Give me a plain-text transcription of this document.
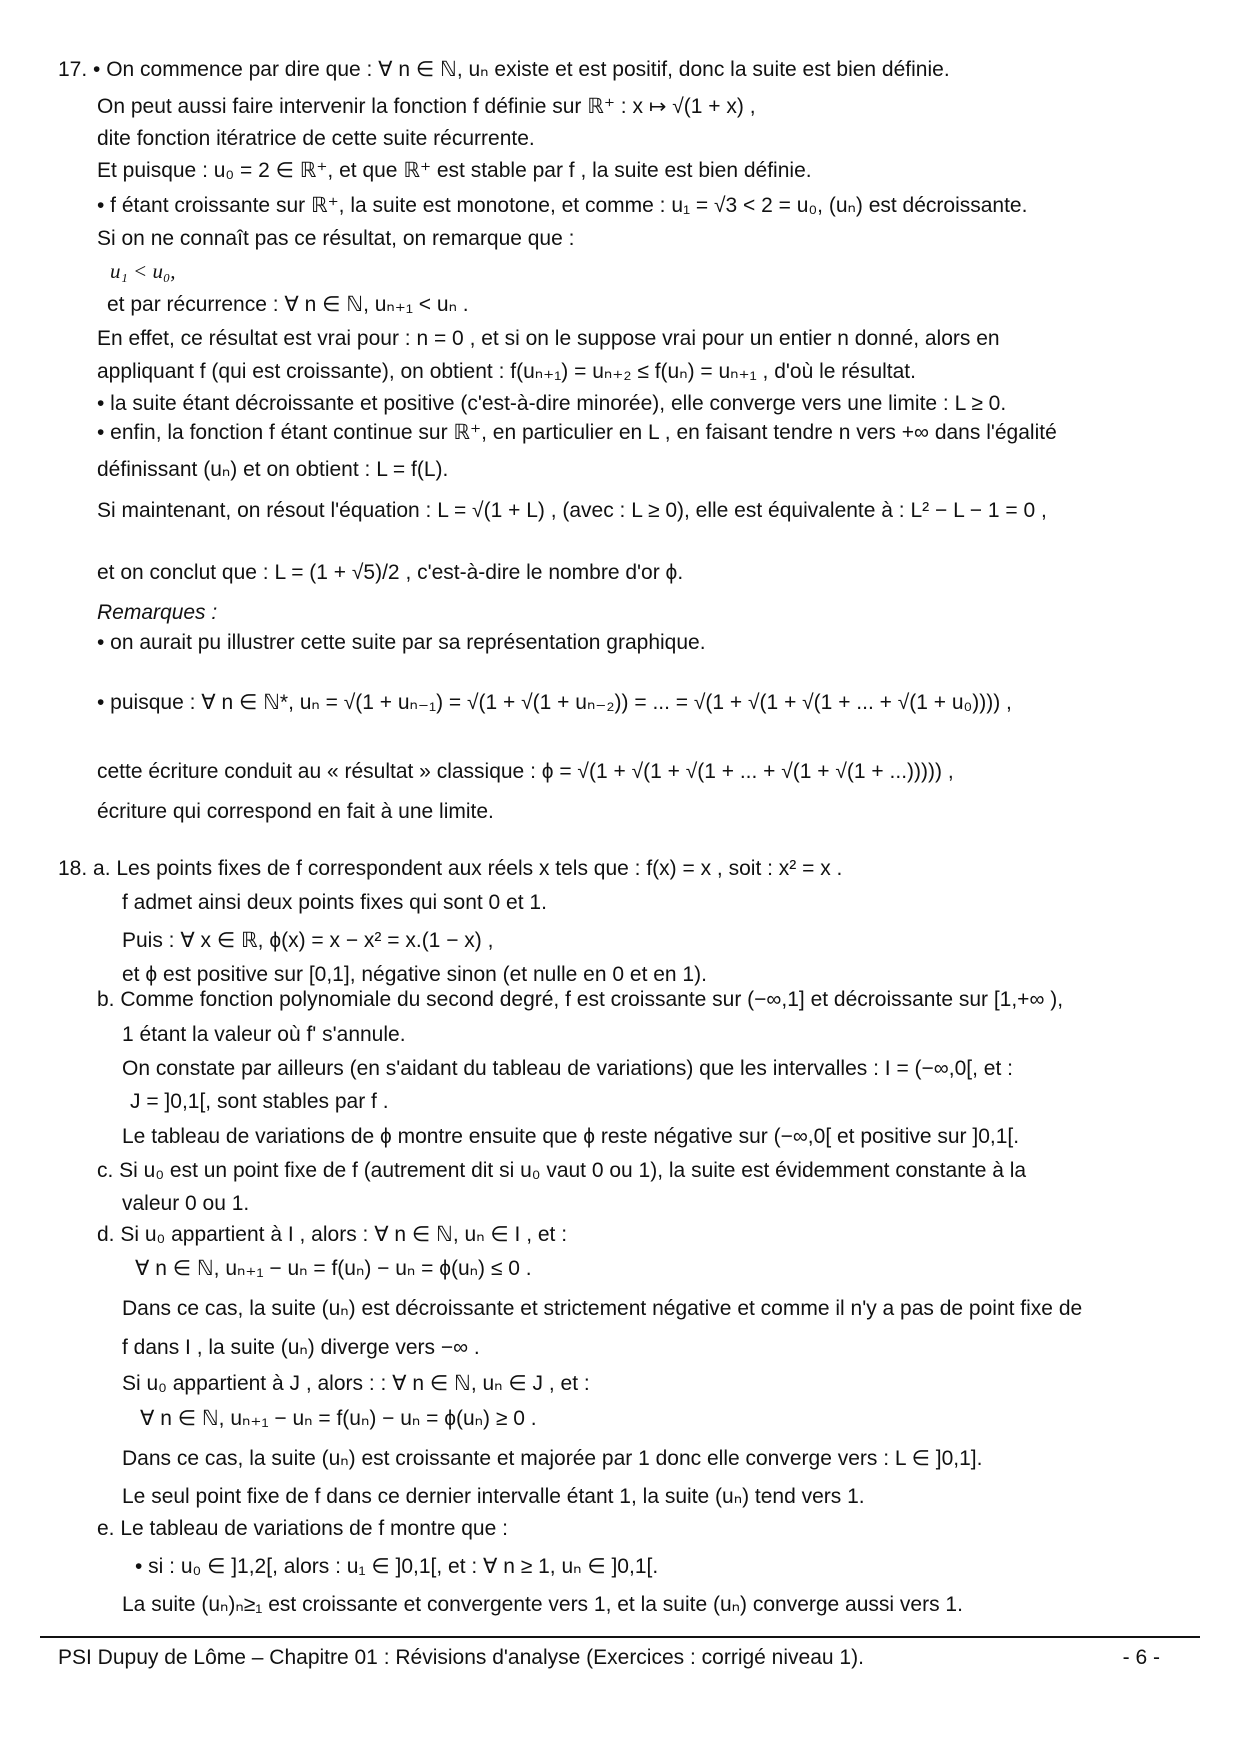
17. • On commence par dire que : ∀ n ∈ ℕ, uₙ existe et est positif, donc la suite est bien définie.
On peut aussi faire intervenir la fonction f définie sur ℝ⁺ : x ↦ √(1 + x) ,
dite fonction itératrice de cette suite récurrente.
Et puisque : u₀ = 2 ∈ ℝ⁺, et que ℝ⁺ est stable par f , la suite est bien définie.
• f étant croissante sur ℝ⁺, la suite est monotone, et comme : u₁ = √3 < 2 = u₀, (uₙ) est décroissante.
Si on ne connaît pas ce résultat, on remarque que :
u₁ < u₀,
et par récurrence : ∀ n ∈ ℕ, uₙ₊₁ < uₙ .
En effet, ce résultat est vrai pour : n = 0 , et si on le suppose vrai pour un entier n donné, alors en
appliquant f (qui est croissante), on obtient : f(uₙ₊₁) = uₙ₊₂ ≤ f(uₙ) = uₙ₊₁ , d'où le résultat.
• la suite étant décroissante et positive (c'est-à-dire minorée), elle converge vers une limite : L ≥ 0.
• enfin, la fonction f étant continue sur ℝ⁺, en particulier en L , en faisant tendre n vers +∞ dans l'égalité
définissant (uₙ) et on obtient : L = f(L).
Si maintenant, on résout l'équation : L = √(1 + L) , (avec : L ≥ 0), elle est équivalente à : L² − L − 1 = 0 ,
et on conclut que : L = (1 + √5)/2 , c'est-à-dire le nombre d'or ϕ.
Remarques :
• on aurait pu illustrer cette suite par sa représentation graphique.
• puisque : ∀ n ∈ ℕ*, uₙ = √(1 + uₙ₋₁) = √(1 + √(1 + uₙ₋₂)) = ... = √(1 + √(1 + √(1 + ... + √(1 + u₀)))) ,
cette écriture conduit au « résultat » classique : ϕ = √(1 + √(1 + √(1 + ... + √(1 + √(1 + ...))))) ,
écriture qui correspond en fait à une limite.
18. a. Les points fixes de f correspondent aux réels x tels que : f(x) = x , soit : x² = x .
f admet ainsi deux points fixes qui sont 0 et 1.
Puis : ∀ x ∈ ℝ, ϕ(x) = x − x² = x.(1 − x) ,
et ϕ est positive sur [0,1], négative sinon (et nulle en 0 et en 1).
b. Comme fonction polynomiale du second degré, f est croissante sur (−∞,1] et décroissante sur [1,+∞ ),
1 étant la valeur où f' s'annule.
On constate par ailleurs (en s'aidant du tableau de variations) que les intervalles : I = (−∞,0[, et :
J = ]0,1[, sont stables par f .
Le tableau de variations de ϕ montre ensuite que ϕ reste négative sur (−∞,0[ et positive sur ]0,1[.
c. Si u₀ est un point fixe de f (autrement dit si u₀ vaut 0 ou 1), la suite est évidemment constante à la
valeur 0 ou 1.
d. Si u₀ appartient à I , alors : ∀ n ∈ ℕ, uₙ ∈ I , et :
∀ n ∈ ℕ, uₙ₊₁ − uₙ = f(uₙ) − uₙ = ϕ(uₙ) ≤ 0 .
Dans ce cas, la suite (uₙ) est décroissante et strictement négative et comme il n'y a pas de point fixe de
f dans I , la suite (uₙ) diverge vers −∞ .
Si u₀ appartient à J , alors : : ∀ n ∈ ℕ, uₙ ∈ J , et :
∀ n ∈ ℕ, uₙ₊₁ − uₙ = f(uₙ) − uₙ = ϕ(uₙ) ≥ 0 .
Dans ce cas, la suite (uₙ) est croissante et majorée par 1 donc elle converge vers : L ∈ ]0,1].
Le seul point fixe de f dans ce dernier intervalle étant 1, la suite (uₙ) tend vers 1.
e. Le tableau de variations de f montre que :
• si : u₀ ∈ ]1,2[, alors : u₁ ∈ ]0,1[, et : ∀ n ≥ 1, uₙ ∈ ]0,1[.
La suite (uₙ)ₙ≥₁ est croissante et convergente vers 1, et la suite (uₙ) converge aussi vers 1.
PSI Dupuy de Lôme – Chapitre 01 : Révisions d'analyse (Exercices : corrigé niveau 1).	- 6 -
